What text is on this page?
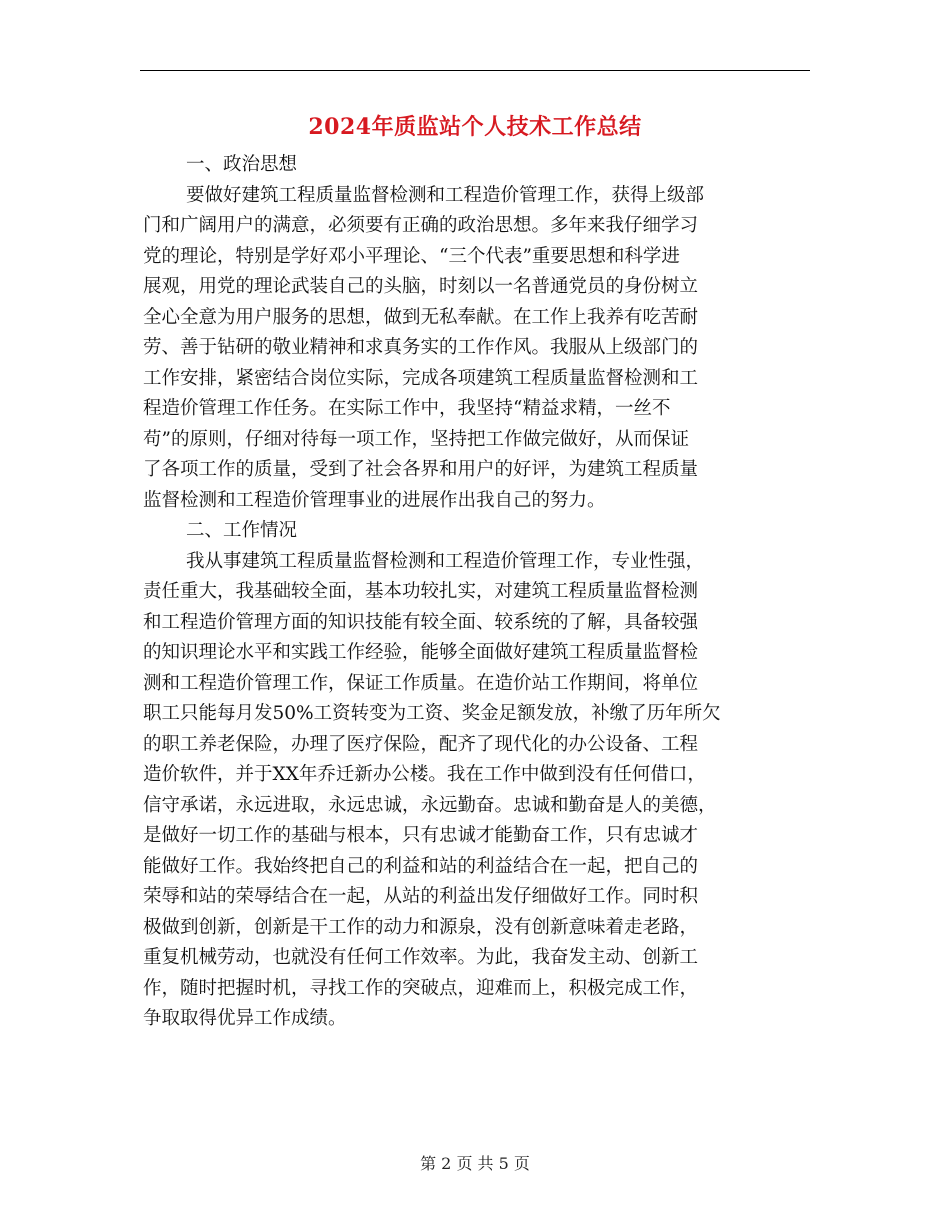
2024年质监站个人技术工作总结
一、政治思想
要做好建筑工程质量监督检测和工程造价管理工作，获得上级部
门和广阔用户的满意，必须要有正确的政治思想。多年来我仔细学习
党的理论，特别是学好邓小平理论、“三个代表”重要思想和科学进
展观，用党的理论武装自己的头脑，时刻以一名普通党员的身份树立
全心全意为用户服务的思想，做到无私奉献。在工作上我养有吃苦耐
劳、善于钻研的敬业精神和求真务实的工作作风。我服从上级部门的
工作安排，紧密结合岗位实际，完成各项建筑工程质量监督检测和工
程造价管理工作任务。在实际工作中，我坚持“精益求精，一丝不
苟”的原则，仔细对待每一项工作，坚持把工作做完做好，从而保证
了各项工作的质量，受到了社会各界和用户的好评，为建筑工程质量
监督检测和工程造价管理事业的进展作出我自己的努力。
二、工作情况
我从事建筑工程质量监督检测和工程造价管理工作，专业性强，
责任重大，我基础较全面，基本功较扎实，对建筑工程质量监督检测
和工程造价管理方面的知识技能有较全面、较系统的了解，具备较强
的知识理论水平和实践工作经验，能够全面做好建筑工程质量监督检
测和工程造价管理工作，保证工作质量。在造价站工作期间，将单位
职工只能每月发50%工资转变为工资、奖金足额发放，补缴了历年所欠
的职工养老保险，办理了医疗保险，配齐了现代化的办公设备、工程
造价软件，并于XX年乔迁新办公楼。我在工作中做到没有任何借口，
信守承诺，永远进取，永远忠诚，永远勤奋。忠诚和勤奋是人的美德，
是做好一切工作的基础与根本，只有忠诚才能勤奋工作，只有忠诚才
能做好工作。我始终把自己的利益和站的利益结合在一起，把自己的
荣辱和站的荣辱结合在一起，从站的利益出发仔细做好工作。同时积
极做到创新，创新是干工作的动力和源泉，没有创新意味着走老路，
重复机械劳动，也就没有任何工作效率。为此，我奋发主动、创新工
作，随时把握时机，寻找工作的突破点，迎难而上，积极完成工作，
争取取得优异工作成绩。
第 2 页 共 5 页
